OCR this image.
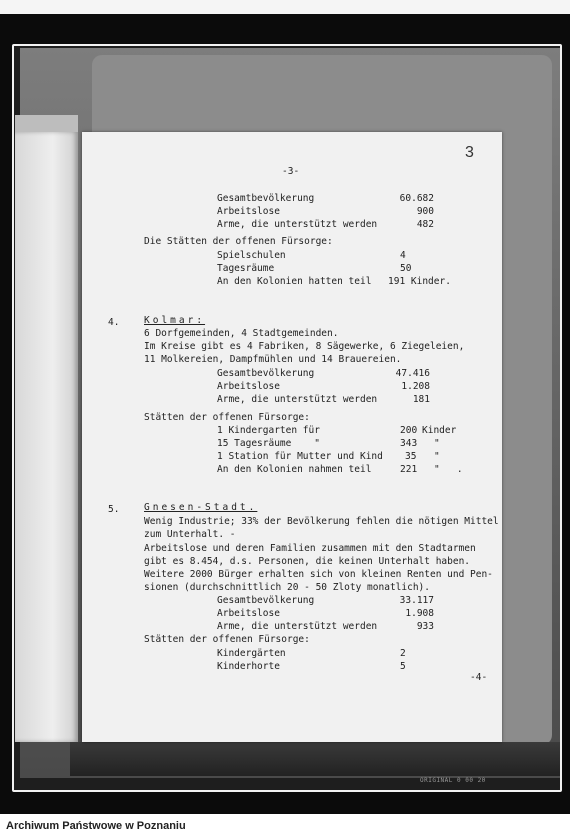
ORIGINAL 0 00 20
-3-
3
Gesamtbevölkerung	60.682
Arbeitslose	900
Arme, die unterstützt werden	482
Die Stätten der offenen Fürsorge:
Spielschulen	4
Tagesräume	50
An den Kolonien hatten teil 191 Kinder.
4.	Kolmar:
6 Dorfgemeinden, 4 Stadtgemeinden.
Im Kreise gibt es 4 Fabriken, 8 Sägewerke, 6 Ziegeleien,
11 Molkereien, Dampfmühlen und 14 Brauereien.
Gesamtbevölkerung	47.416
Arbeitslose	1.208
Arme, die unterstützt werden	181
Stätten der offenen Fürsorge:
1 Kindergarten für	200 Kinder
15 Tagesräume    "	343 "
1 Station für Mutter und Kind 35 "
An den Kolonien nahmen teil	221 "   .
5.	Gnesen-Stadt.
Wenig Industrie; 33% der Bevölkerung fehlen die nötigen Mittel
zum Unterhalt. -
Arbeitslose und deren Familien zusammen mit den Stadtarmen
gibt es 8.454, d.s. Personen, die keinen Unterhalt haben.
Weitere 2000 Bürger erhalten sich von kleinen Renten und Pen-
sionen (durchschnittlich 20 - 50 Zloty monatlich).
Gesamtbevölkerung	33.117
Arbeitslose	1.908
Arme, die unterstützt werden	933
Stätten der offenen Fürsorge:
Kindergärten	2
Kinderhorte	5
-4-
Archiwum Państwowe w Poznaniu
